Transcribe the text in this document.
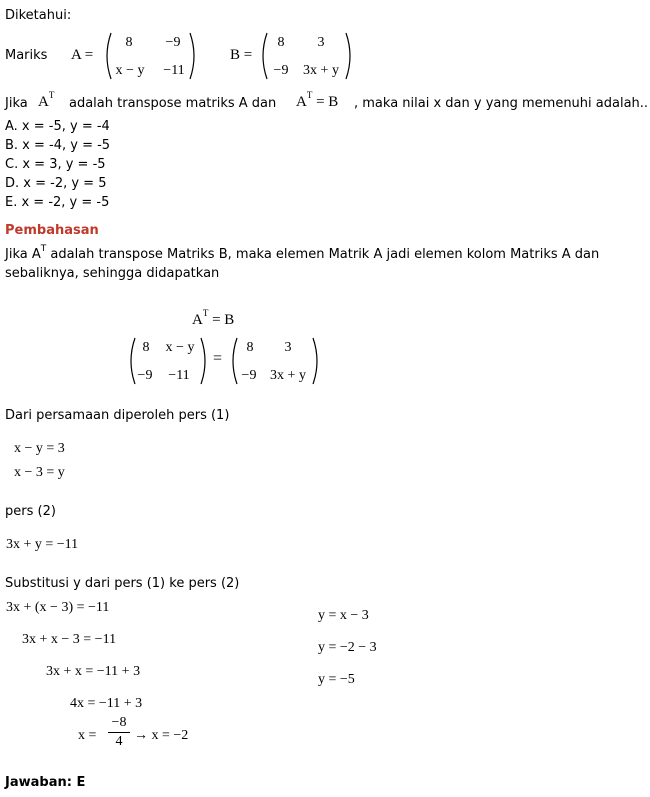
Diketahui:
Mariks A =
8 −9
x − y −11
B =
8 3
−9 3x + y
Jika $A^T$
adalah transpose matriks A dan $A^T = B$ , maka nilai x dan y yang memenuhi adalah..
A. x = -5, y = -4
B. x = -4, y = -5
C. x = 3, y = -5
D. x = -2, y = 5
E. x = -2, y = -5
Pembahasan
Jika $A^T$ adalah transpose Matriks B, maka elemen Matrik A jadi elemen kolom Matriks A dan
sebaliknya, sehingga didapatkan
$A^T = B$
8 x − y
−9 −11
=
8 3
−9 3x + y
Dari persamaan diperoleh pers (1)
x − y = 3
x − 3 = y
pers (2)
3x + y = −11
Substitusi y dari pers (1) ke pers (2)
3x + (x − 3) = −11
3x + x − 3 = −11
3x + x = −11 + 3
4x = −11 + 3
x =
−8
4 → x = −2
y = x − 3
y = −2 − 3
y = −5
Jawaban: E
